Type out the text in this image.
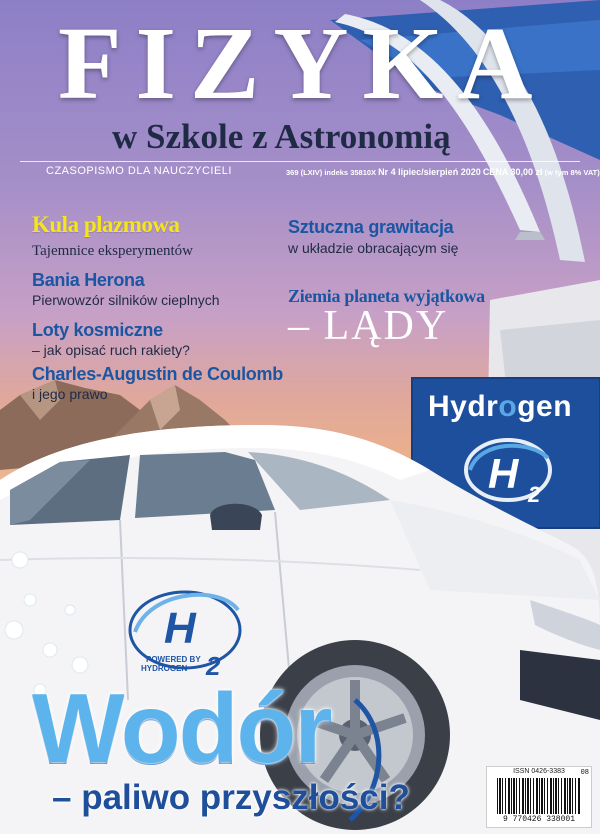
H
2
POWERED BY
HYDROGEN
H 2
FIZYKA
w Szkole z Astronomią
CZASOPISMO DLA NAUCZYCIELI	369 (LXIV) indeks 35810X Nr 4 lipiec/sierpień 2020 CENA 30,00 zł (w tym 8% VAT)
Kula plazmowa
Tajemnice eksperymentów
Bania Herona
Pierwowzór silników cieplnych
Loty kosmiczne
– jak opisać ruch rakiety?
Charles-Augustin de Coulomb
i jego prawo
Sztuczna grawitacja
w układzie obracającym się
Ziemia planeta wyjątkowa
– LĄDY
Hydrogen
Wodór
– paliwo przyszłości?
ISSN 0426-3383
9 770426 338001
08
